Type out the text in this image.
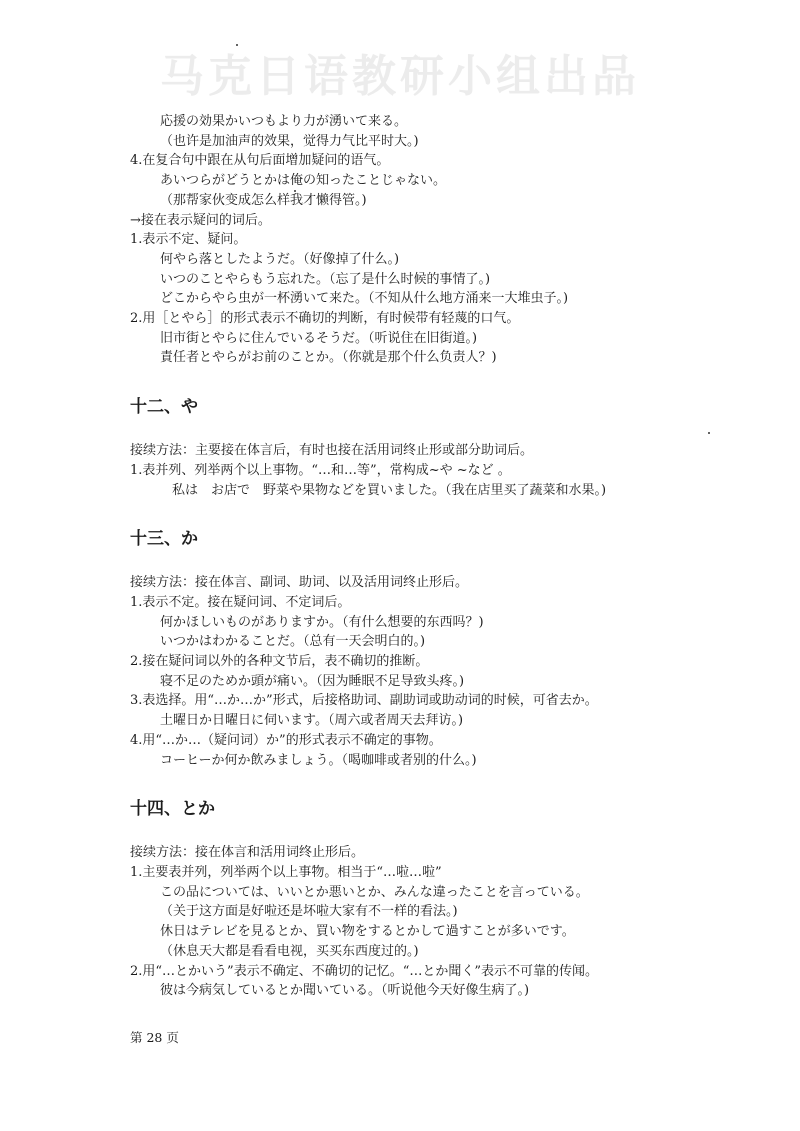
马克日语教研小组出品
応援の効果かいつもより力が湧いて来る。
（也许是加油声的效果，觉得力气比平时大。)
4.在复合句中跟在从句后面增加疑问的语气。
あいつらがどうとかは俺の知ったことじゃない。
（那帮家伙变成怎么样我才懒得管。)
→接在表示疑问的词后。
1.表示不定、疑问。
何やら落としたようだ。（好像掉了什么。)
いつのことやらもう忘れた。（忘了是什么时候的事情了。)
どこからやら虫が一杯湧いて来た。（不知从什么地方涌来一大堆虫子。)
2.用［とやら］的形式表示不确切的判断，有时候带有轻蔑的口气。
旧市街とやらに住んでいるそうだ。（听说住在旧街道。)
責任者とやらがお前のことか。（你就是那个什么负责人？)
十二、や
接续方法：主要接在体言后，有时也接在活用词终止形或部分助词后。
1.表并列、列举两个以上事物。“…和…等”，常构成~や ~など 。
私は　お店で　野菜や果物などを買いました。（我在店里买了蔬菜和水果。)
十三、か
接续方法：接在体言、副词、助词、以及活用词终止形后。
1.表示不定。接在疑问词、不定词后。
何かほしいものがありますか。（有什么想要的东西吗？)
いつかはわかることだ。（总有一天会明白的。)
2.接在疑问词以外的各种文节后，表不确切的推断。
寝不足のためか頭が痛い。（因为睡眠不足导致头疼。)
3.表选择。用“…か…か”形式，后接格助词、副助词或助动词的时候，可省去か。
土曜日か日曜日に伺います。（周六或者周天去拜访。)
4.用“…か…（疑问词）か”的形式表示不确定的事物。
コーヒーか何か飲みましょう。（喝咖啡或者别的什么。)
十四、とか
接续方法：接在体言和活用词终止形后。
1.主要表并列，列举两个以上事物。相当于“…啦…啦”
この品については、いいとか悪いとか、みんな違ったことを言っている。
（关于这方面是好啦还是坏啦大家有不一样的看法。)
休日はテレビを見るとか、買い物をするとかして過すことが多いです。
（休息天大都是看看电视，买买东西度过的。)
2.用“…とかいう”表示不确定、不确切的记忆。“…とか聞く”表示不可靠的传闻。
彼は今病気しているとか聞いている。（听说他今天好像生病了。)
第 28 页
